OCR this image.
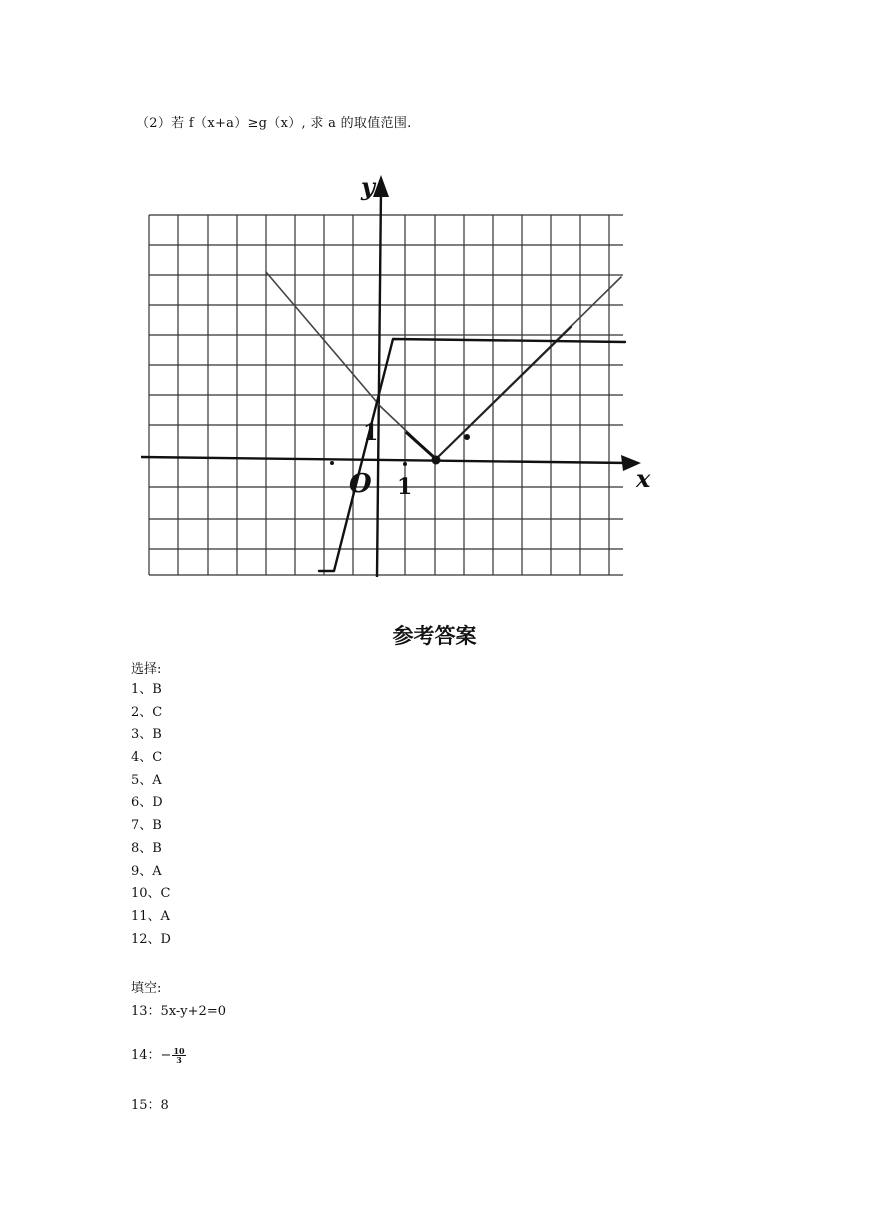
（2）若 f（x+a）≥g（x）, 求 a 的取值范围.
y
x
O 1
1
参考答案
选择:
1、B
2、C
3、B
4、C
5、A
6、D
7、B
8、B
9、A
10、C
11、A
12、D
填空:
13：5x-y+2=0
14：− $\frac{10}{3}$
15：8
